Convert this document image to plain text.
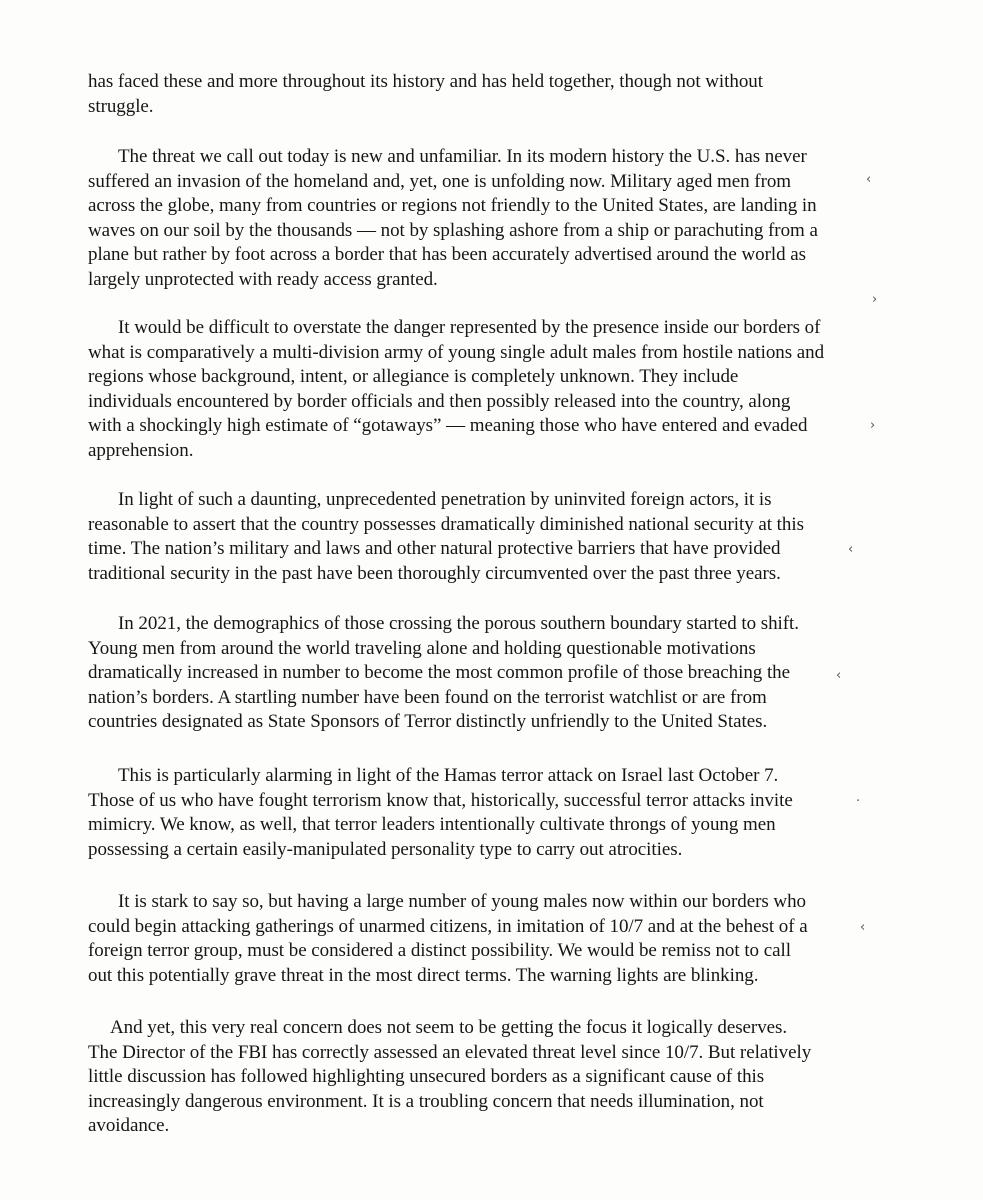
has faced these and more throughout its history and has held together, though not without
struggle.

The threat we call out today is new and unfamiliar. In its modern history the U.S. has never
suffered an invasion of the homeland and, yet, one is unfolding now. Military aged men from
across the globe, many from countries or regions not friendly to the United States, are landing in
waves on our soil by the thousands — not by splashing ashore from a ship or parachuting from a
plane but rather by foot across a border that has been accurately advertised around the world as
largely unprotected with ready access granted.

It would be difficult to overstate the danger represented by the presence inside our borders of
what is comparatively a multi-division army of young single adult males from hostile nations and
regions whose background, intent, or allegiance is completely unknown. They include
individuals encountered by border officials and then possibly released into the country, along
with a shockingly high estimate of “gotaways” — meaning those who have entered and evaded
apprehension.

In light of such a daunting, unprecedented penetration by uninvited foreign actors, it is
reasonable to assert that the country possesses dramatically diminished national security at this
time. The nation’s military and laws and other natural protective barriers that have provided
traditional security in the past have been thoroughly circumvented over the past three years.

In 2021, the demographics of those crossing the porous southern boundary started to shift.
Young men from around the world traveling alone and holding questionable motivations
dramatically increased in number to become the most common profile of those breaching the
nation’s borders. A startling number have been found on the terrorist watchlist or are from
countries designated as State Sponsors of Terror distinctly unfriendly to the United States.

This is particularly alarming in light of the Hamas terror attack on Israel last October 7.
Those of us who have fought terrorism know that, historically, successful terror attacks invite
mimicry. We know, as well, that terror leaders intentionally cultivate throngs of young men
possessing a certain easily-manipulated personality type to carry out atrocities.

It is stark to say so, but having a large number of young males now within our borders who
could begin attacking gatherings of unarmed citizens, in imitation of 10/7 and at the behest of a
foreign terror group, must be considered a distinct possibility. We would be remiss not to call
out this potentially grave threat in the most direct terms. The warning lights are blinking.

And yet, this very real concern does not seem to be getting the focus it logically deserves.
The Director of the FBI has correctly assessed an elevated threat level since 10/7. But relatively
little discussion has followed highlighting unsecured borders as a significant cause of this
increasingly dangerous environment. It is a troubling concern that needs illumination, not
avoidance.

‹
›
›
‹
‹
·
‹
